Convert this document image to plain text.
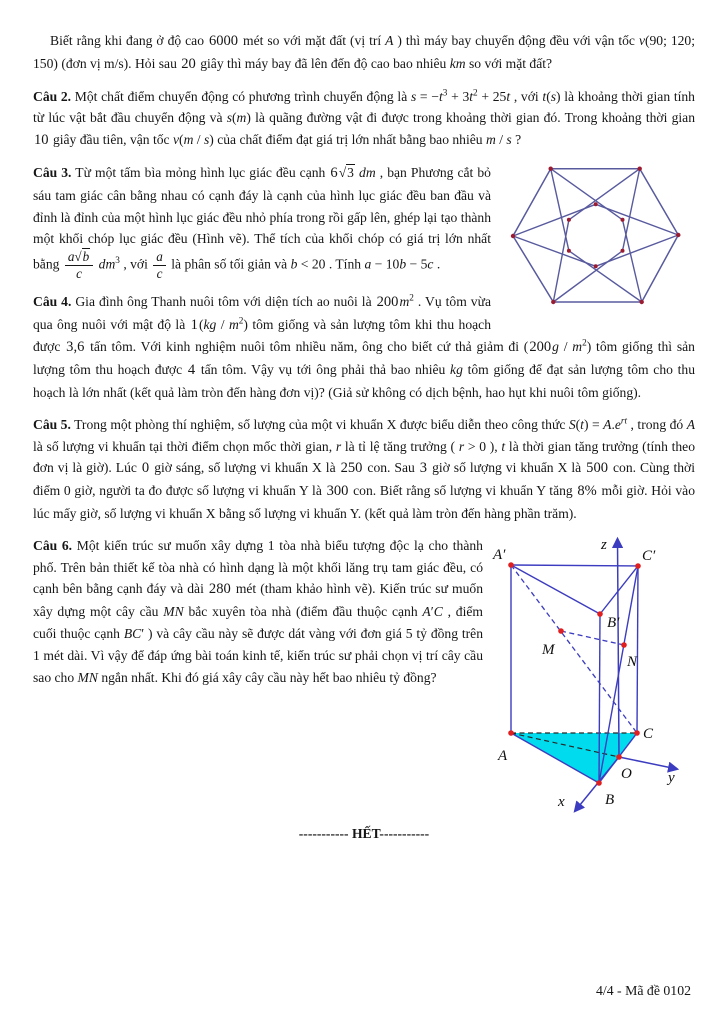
Biết rằng khi đang ở độ cao 6000 mét so với mặt đất (vị trí A ) thì máy bay chuyển động đều với vận tốc v(90; 120; 150) (đơn vị m/s). Hỏi sau 20 giây thì máy bay đã lên đến độ cao bao nhiêu km so với mặt đất?

Câu 2. Một chất điểm chuyển động có phương trình chuyển động là $s = -t^3 + 3t^2 + 25t$ , với t(s) là khoảng thời gian tính từ lúc vật bắt đầu chuyển động và s(m) là quãng đường vật đi được trong khoảng thời gian đó. Trong khoảng thời gian 10 giây đầu tiên, vận tốc v(m / s) của chất điểm đạt giá trị lớn nhất bằng bao nhiêu m / s ?

Câu 3. Từ một tấm bìa mỏng hình lục giác đều cạnh 6√3 dm , bạn Phương cắt bỏ sáu tam giác cân bằng nhau có cạnh đáy là cạnh của hình lục giác đều ban đầu và đỉnh là đỉnh của một hình lục giác đều nhỏ phía trong rồi gấp lên, ghép lại tạo thành một khối chóp lục giác đều (Hình vẽ). Thể tích của khối chóp có giá trị lớn nhất bằng $\frac{a√b}{c} dm^3$ , với $\frac{a}{c}$ là phân số tối giản và b < 20 . Tính a − 10b − 5c .

Câu 4. Gia đình ông Thanh nuôi tôm với diện tích ao nuôi là $200m^2$ . Vụ tôm vừa qua ông nuôi với mật độ là $1(kg / m^2)$ tôm giống và sản lượng tôm khi thu hoạch được 3,6 tấn tôm. Với kinh nghiệm nuôi tôm nhiều năm, ông cho biết cứ thả giảm đi $(200g / m^2)$ tôm giống thì sản lượng tôm thu hoạch được 4 tấn tôm. Vậy vụ tới ông phải thả bao nhiêu kg tôm giống để đạt sản lượng tôm cho thu hoạch là lớn nhất (kết quả làm tròn đến hàng đơn vị)? (Giả sử không có dịch bệnh, hao hụt khi nuôi tôm giống).

Câu 5. Trong một phòng thí nghiệm, số lượng của một vi khuẩn X được biểu diễn theo công thức $S(t) = A.e^{rt}$ , trong đó A là số lượng vi khuẩn tại thời điểm chọn mốc thời gian, r là tỉ lệ tăng trưởng ( r > 0 ), t là thời gian tăng trưởng (tính theo đơn vị là giờ). Lúc 0 giờ sáng, số lượng vi khuẩn X là 250 con. Sau 3 giờ số lượng vi khuẩn X là 500 con. Cùng thời điểm 0 giờ, người ta đo được số lượng vi khuẩn Y là 300 con. Biết rằng số lượng vi khuẩn Y tăng 8% mỗi giờ. Hỏi vào lúc mấy giờ, số lượng vi khuẩn X bằng số lượng vi khuẩn Y. (kết quả làm tròn đến hàng phần trăm).

A′	C′
z
B′
M
N
A
C
O
B
y
x

Câu 6. Một kiến trúc sư muốn xây dựng 1 tòa nhà biểu tượng độc lạ cho thành phố. Trên bản thiết kế tòa nhà có hình dạng là một khối lăng trụ tam giác đều, có cạnh bên bằng cạnh đáy và dài 280 mét (tham khảo hình vẽ). Kiến trúc sư muốn xây dựng một cây cầu MN bắc xuyên tòa nhà (điểm đầu thuộc cạnh A′C , điểm cuối thuộc cạnh BC′ ) và cây cầu này sẽ được dát vàng với đơn giá 5 tỷ đồng trên 1 mét dài. Vì vậy để đáp ứng bài toán kinh tế, kiến trúc sư phải chọn vị trí cây cầu sao cho MN ngắn nhất. Khi đó giá xây cây cầu này hết bao nhiêu tỷ đồng?

----------- HẾT-----------

4/4 - Mã đề 0102
